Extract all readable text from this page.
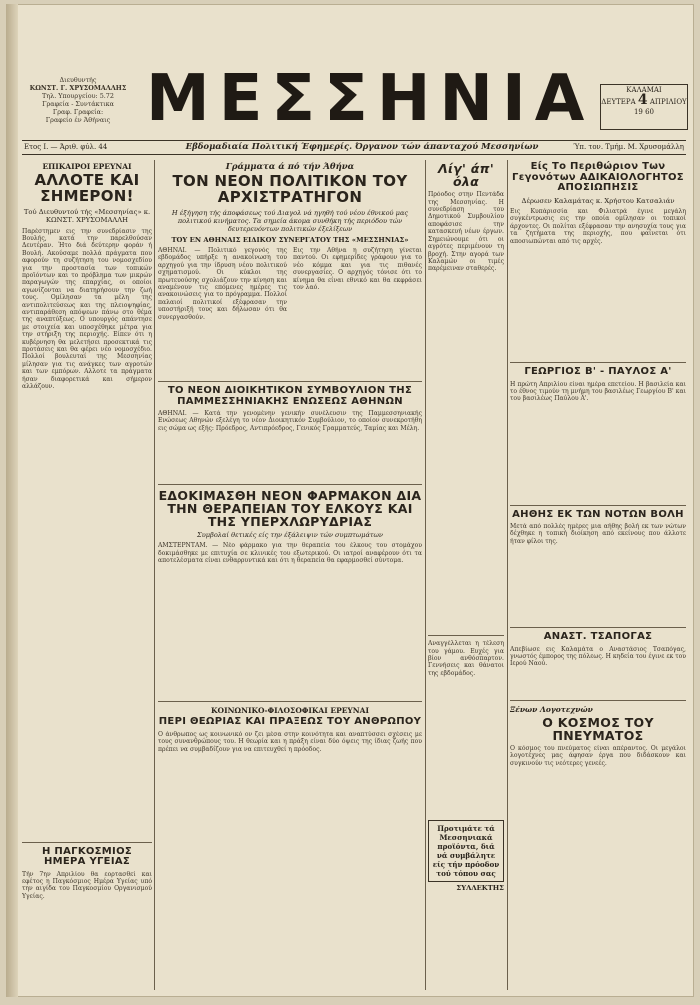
Διευθυντής
ΚΩΝΣΤ. Γ. ΧΡΥΣΟΜΑΛΛΗΣ
Τηλ. Υπουργείου: 5.72
Γραφεία - Συντάκτικα
Γραφ. Γραφεία:
Γραφείο έν Άθήναις ΜΕΣΣΗΝΙΑ	ΚΑΛΑΜΑΙ
ΔΕΥΤΕΡΑ 4 ΑΠΡΙΛΙΟΥ
19 60
Ετος Ι. — Άριθ. φύλ. 44	Εβδομαδιαία Πολιτική Έφημερίς. Όργανον τών άπανταχού Μεσσηνίων	Ύπ. τον. Τμήμ. Μ. Χρυσομάλλη
ΕΠΙΚΑΙΡΟΙ ΕΡΕΥΝΑΙ
ΑΛΛΟΤΕ ΚΑΙ ΣΗΜΕΡΟΝ!
Τού Διευθυντού τής «Μεσσηνίας» κ. ΚΩΝΣΤ. ΧΡΥΣΟΜΑΛΛΗ

Παρέστημεν εις την συνεδρίασιν της Βουλής, κατά την παρελθούσαν Δευτέραν. Ήτο διά δεύτερην φοράν ή Βουλή. Ακούσαμε πολλά πράγματα που αφορούν τη συζήτηση του νομοσχεδίου για την προστασία των τοπικών προϊόντων και το πρόβλημα των μικρών παραγωγών της επαρχίας, οι οποίοι αγωνίζονται να διατηρήσουν την ζωή τους. Ομίλησαν τα μέλη της αντιπολιτεύσεως και της πλειοψηφίας, αντιπαράθεση απόψεων πάνω στο θέμα της αναπτύξεως. Ο υπουργός απάντησε με στοιχεία και υποσχέθηκε μέτρα για την στήριξη της περιοχής. Είπεν ότι η κυβέρνηση θα μελετήσει προσεκτικά τις προτάσεις και θα φέρει νέο νομοσχέδιο. Πολλοί βουλευταί της Μεσσηνίας μίλησαν για τις ανάγκες των αγροτών και των εμπόρων. Αλλοτε τα πράγματα ήσαν διαφορετικά και σήμερον αλλάζουν.

Η ΠΑΓΚΟΣΜΙΟΣ ΗΜΕΡΑ ΥΓΕΙΑΣ

Τήν 7ην Απριλίου θα εορτασθεί και εφέτος η Παγκόσμιος Ημέρα Υγείας υπό την αιγίδα του Παγκοσμίου Οργανισμού Υγείας.

Γράμματα ά πό τήν Άθήνα
ΤΟΝ ΝΕΟΝ ΠΟΛΙΤΙΚΟΝ ΤΟΥ ΑΡΧΙΣΤΡΑΤΗΓΟΝ
Η έξήγηση τής άποφάσεως τού Διαγολ νά ηγηθή τού νέου έθνικού μας πολιτικού κινήματος. Τα σημεία άκομα συνθήκη τής περιόδου τών δευτερευόντων πολιτικών έξελίξεων
ΤΟΥ ΕΝ ΑΘΗΝΑΙΣ ΕΙΔΙΚΟΥ ΣΥΝΕΡΓΑΤΟΥ ΤΗΣ «ΜΕΣΣΗΝΙΑΣ»

ΑΘΗΝΑΙ. — Πολιτικό γεγονός της εβδομάδος υπήρξε η ανακοίνωση του αρχηγού για την ίδρυση νέου πολιτικού σχηματισμού. Οι κύκλοι της πρωτευούσης σχολιάζουν την κίνηση και αναμένουν τις επόμενες ημέρες τις ανακοινώσεις για το πρόγραμμα. Πολλοί παλαιοί πολιτικοί εξέφρασαν την υποστήριξή τους και δήλωσαν ότι θα συνεργασθούν.

Εις την Αθήνα η συζήτηση γίνεται παντού. Οι εφημερίδες γράφουν για το νέο κόμμα και για τις πιθανές συνεργασίες. Ο αρχηγός τόνισε ότι το κίνημα θα είναι εθνικό και θα εκφράσει τον λαό.

ΤΟ ΝΕΟΝ ΔΙΟΙΚΗΤΙΚΟΝ ΣΥΜΒΟΥΛΙΟΝ ΤΗΣ ΠΑΜΜΕΣΣΗΝΙΑΚΗΣ ΕΝΩΣΕΩΣ ΑΘΗΝΩΝ

ΑΘΗΝΑΙ. — Κατά την γενομένην γενικήν συνέλευσιν της Παμμεσσηνιακής Ενώσεως Αθηνών εξελέγη το νέον Διοικητικόν Συμβούλιον, το οποίον συνεκροτήθη εις σώμα ως εξής: Πρόεδρος, Αντιπρόεδρος, Γενικός Γραμματεύς, Ταμίας και Μέλη.

ΕΔΟΚΙΜΑΣΘΗ ΝΕΟΝ ΦΑΡΜΑΚΟΝ ΔΙΑ ΤΗΝ ΘΕΡΑΠΕΙΑΝ ΤΟΥ ΕΛΚΟΥΣ ΚΑΙ ΤΗΣ ΥΠΕΡΧΛΩΡΥΔΡΙΑΣ
Συμβολαί θετικές είς την έξάλειψιν τών συμπτωμάτων

ΑΜΣΤΕΡΝΤΑΜ. — Νέο φάρμακο για την θεραπεία του έλκους του στομάχου δοκιμάσθηκε με επιτυχία σε κλινικές του εξωτερικού. Οι ιατροί αναφέρουν ότι τα αποτελέσματα είναι ενθαρρυντικά και ότι η θεραπεία θα εφαρμοσθεί σύντομα.

ΚΟΙΝΩΝΙΚΟ-ΦΙΛΟΣΟΦΙΚΑΙ ΕΡΕΥΝΑΙ
ΠΕΡΙ ΘΕΩΡΙΑΣ ΚΑΙ ΠΡΑΞΕΩΣ ΤΟΥ ΑΝΘΡΩΠΟΥ

Ο άνθρωπος ως κοινωνικό ον ζει μέσα στην κοινότητα και αναπτύσσει σχέσεις με τους συνανθρώπους του. Η θεωρία και η πράξη είναι δύο όψεις της ίδιας ζωής που πρέπει να συμβαδίζουν για να επιτευχθεί η πρόοδος.

Λίγ' άπ' όλα

Πρόοδος στην Πεντάδα της Μεσσηνίας. Η συνεδρίαση του Δημοτικού Συμβουλίου αποφάσισε την κατασκευή νέων έργων. Σημειώνουμε ότι οι αγρότες περιμένουν τη βροχή. Στην αγορά των Καλαμών οι τιμές παρέμειναν σταθερές.

Αναγγέλλεται η τέλεση του γάμου. Ευχές για βίον ανθόσπαρτον. Γεννήσεις και θάνατοι της εβδομάδος.

Προτιμάτε τά Μεσσηνιακά προϊόντα, διά νά συμβάλητε είς τήν πρόοδον τού τόπου σας
ΣΥΛΛΕΚΤΗΣ
Είς Το Περιθώριον Των Γεγονότων ΑΔΙΚΑΙΟΛΟΓΗΤΟΣ ΑΠΟΣΙΩΠΗΣΙΣ
Δέρωσεν Καλαμάτας κ. Χρήστου Κατσαλιάν

Εις Κυπάρισσία και Φιλιατρά έγινε μεγάλη συγκέντρωσις εις την οποία ομίλησαν οι τοπικοί άρχοντες. Οι πολίται εξέφρασαν την ανησυχία τους για τα ζητήματα της περιοχής, που φαίνεται ότι αποσιωπώνται από τις αρχές.

ΓΕΩΡΓΙΟΣ Β' - ΠΑΥΛΟΣ Α'

Η πρώτη Απριλίου είναι ημέρα επετείου. Η βασιλεία και το έθνος τιμούν τη μνήμη του βασιλέως Γεωργίου Β' και του βασιλέως Παύλου Α'.

ΑΗΘΗΣ ΕΚ ΤΩΝ ΝΟΤΩΝ ΒΟΛΗ

Μετά από πολλές ημέρες μια αήθης βολή εκ των νώτων δέχθηκε η τοπική διοίκηση από εκείνους που άλλοτε ήταν φίλοι της.

ΑΝΑΣΤ. ΤΣΑΠΟΓΑΣ

Απεβίωσε εις Καλαμάτα ο Αναστάσιος Τσαπόγας, γνωστός έμπορος της πόλεως. Η κηδεία του έγινε εκ του Ιερού Ναού.

Ξένων Λογοτεχνών
Ο ΚΟΣΜΟΣ ΤΟΥ ΠΝΕΥΜΑΤΟΣ

Ο κόσμος του πνεύματος είναι απέραντος. Οι μεγάλοι λογοτέχνες μας άφησαν έργα που διδάσκουν και συγκινούν τις νεότερες γενεές.
